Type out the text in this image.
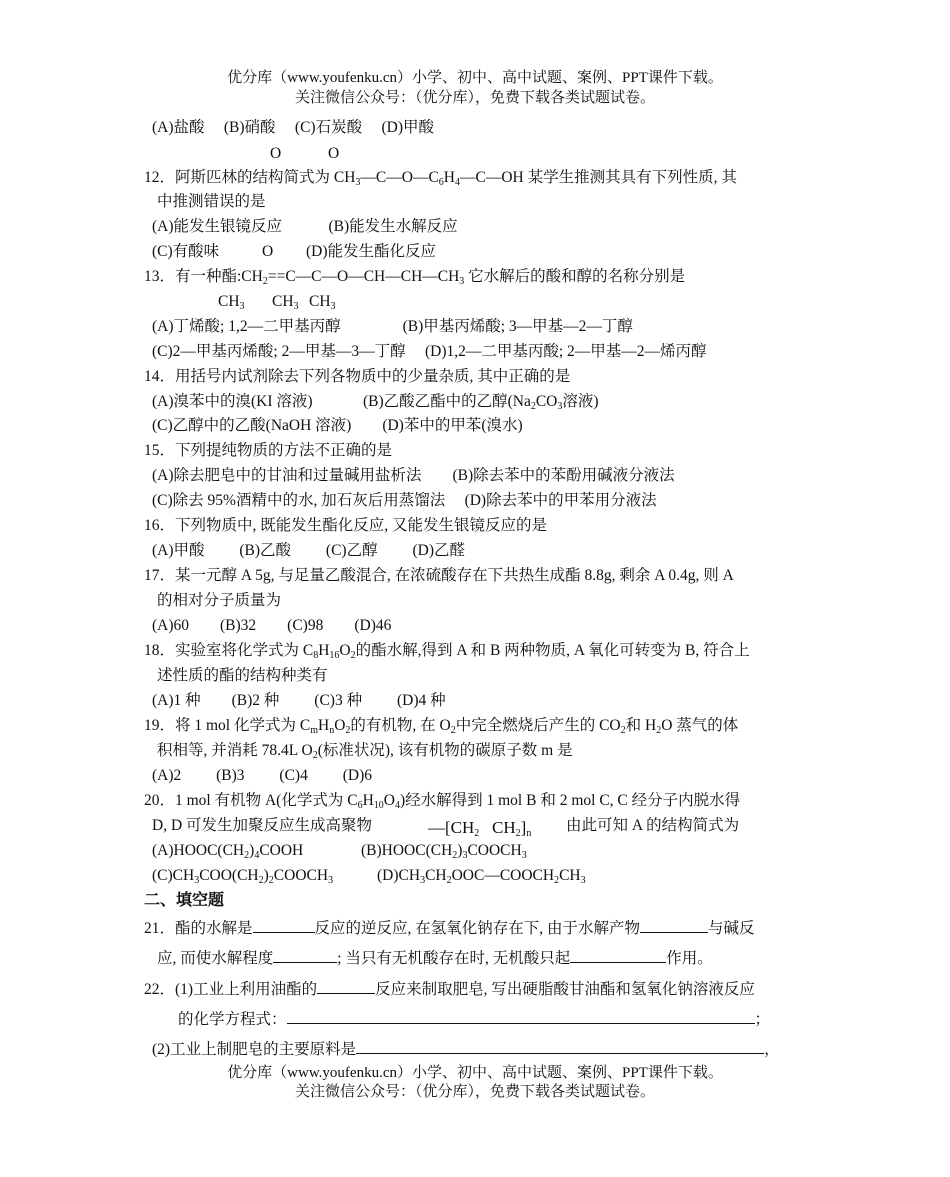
优分库（www.youfenku.cn）小学、初中、高中试题、案例、PPT课件下载。
关注微信公众号：（优分库），免费下载各类试题试卷。
(A)盐酸　 (B)硝酸　 (C)石炭酸　 (D)甲酸
O	O
12．阿斯匹林的结构简式为 $CH_3—C—O—C_6H_4—C—OH$ 某学生推测其具有下列性质, 其
中推测错误的是
(A)能发生银镜反应　　　(B)能发生水解反应
(C)有酸味	O (D)能发生酯化反应
13．有一种酯$:CH_2==C—C—O—CH—CH—CH_3$ 它水解后的酸和醇的名称分别是
$CH_3$ $CH_3$ $CH_3$
(A)丁烯酸; 1,2—二甲基丙醇　　　　(B)甲基丙烯酸; 3—甲基—2—丁醇
(C)2—甲基丙烯酸; 2—甲基—3—丁醇　 (D)1,2—二甲基丙酸; 2—甲基—2—烯丙醇
14．用括号内试剂除去下列各物质中的少量杂质, 其中正确的是
(A)溴苯中的溴(KI 溶液)　　　 (B)乙酸乙酯中的乙醇($Na_2CO_3$溶液)
(C)乙醇中的乙酸(NaOH 溶液)　　(D)苯中的甲苯(溴水)
15．下列提纯物质的方法不正确的是
(A)除去肥皂中的甘油和过量碱用盐析法　　(B)除去苯中的苯酚用碱液分液法
(C)除去 95%酒精中的水, 加石灰后用蒸馏法　 (D)除去苯中的甲苯用分液法
16．下列物质中, 既能发生酯化反应, 又能发生银镜反应的是
(A)甲酸　　 (B)乙酸　　 (C)乙醇　　 (D)乙醛
17．某一元醇 A 5g, 与足量乙酸混合, 在浓硫酸存在下共热生成酯 8.8g, 剩余 A 0.4g, 则 A
的相对分子质量为
(A)60　　(B)32　　(C)98　　(D)46
18．实验室将化学式为 $C_8H_{16}O_2$的酯水解,得到 A 和 B 两种物质, A 氧化可转变为 B, 符合上
述性质的酯的结构种类有
(A)1 种　　(B)2 种　　 (C)3 种　　 (D)4 种
19．将 1 mol 化学式为 $C_mH_nO_2$的有机物, 在 $O_2$中完全燃烧后产生的 $CO_2$和 $H_2O$ 蒸气的体
积相等, 并消耗 78.4L $O_2$(标准状况), 该有机物的碳原子数 m 是
(A)2　　 (B)3　　 (C)4　　 (D)6
20．1 mol 有机物 A(化学式为 $C_6H_{10}O_4$)经水解得到 1 mol B 和 2 mol C, C 经分子内脱水得
D, D 可发生加聚反应生成高聚物	$—[CH_2$ $CH_2]_n$ 由此可知 A 的结构简式为
$(A)HOOC(CH_2)_4COOH$	$(B)HOOC(CH_2)_3COOCH_3$
$(C)CH_3COO(CH_2)_2COOCH_3$	$(D)CH_3CH_2OOC—COOCH_2CH_3$
二、填空题
21．酯的水解是	反应的逆反应, 在氢氧化钠存在下, 由于水解产物	与碱反
应, 而使水解程度	; 当只有无机酸存在时, 无机酸只起	作用。
22．(1)工业上利用油酯的	反应来制取肥皂, 写出硬脂酸甘油酯和氢氧化钠溶液反应
的化学方程式：	；
(2)工业上制肥皂的主要原料是	，
优分库（www.youfenku.cn）小学、初中、高中试题、案例、PPT课件下载。
关注微信公众号：（优分库），免费下载各类试题试卷。
